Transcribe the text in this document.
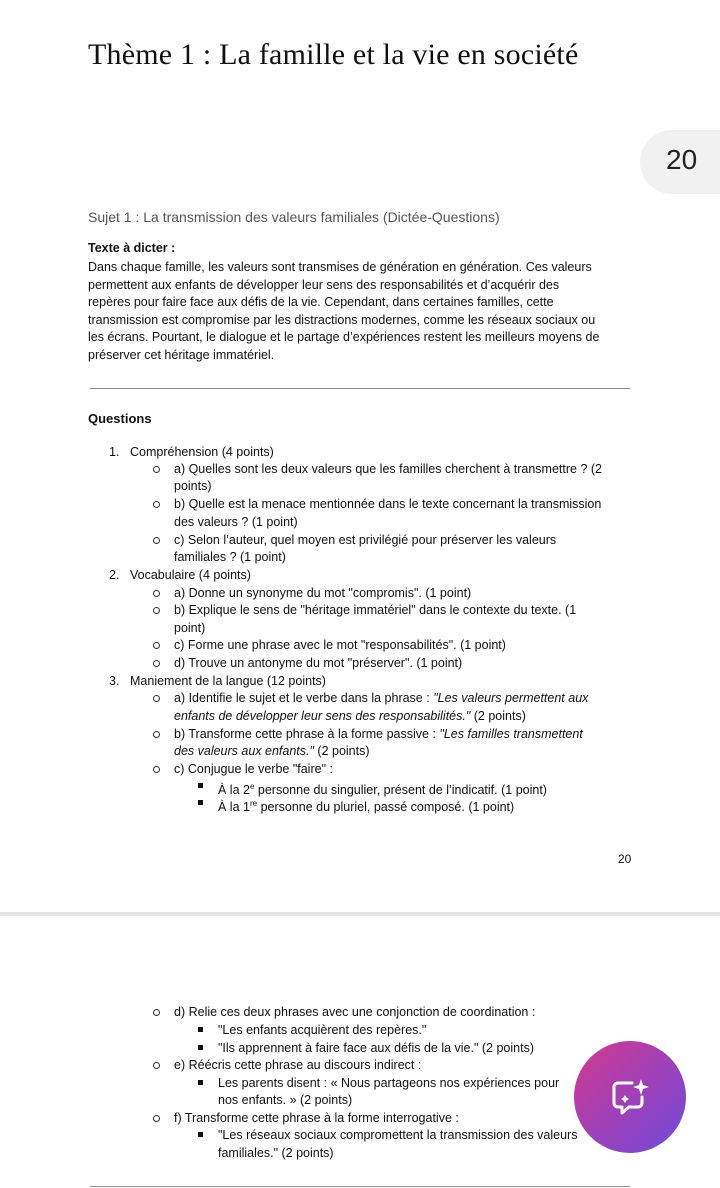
Thème 1 : La famille et la vie en société
20
Sujet 1 : La transmission des valeurs familiales (Dictée-Questions)
Texte à dicter :
Dans chaque famille, les valeurs sont transmises de génération en génération. Ces valeurs
permettent aux enfants de développer leur sens des responsabilités et d’acquérir des
repères pour faire face aux défis de la vie. Cependant, dans certaines familles, cette
transmission est compromise par les distractions modernes, comme les réseaux sociaux ou
les écrans. Pourtant, le dialogue et le partage d’expériences restent les meilleurs moyens de
préserver cet héritage immatériel.
Questions
1. Compréhension (4 points)
a) Quelles sont les deux valeurs que les familles cherchent à transmettre ? (2
points)
b) Quelle est la menace mentionnée dans le texte concernant la transmission
des valeurs ? (1 point)
c) Selon l’auteur, quel moyen est privilégié pour préserver les valeurs
familiales ? (1 point)
2. Vocabulaire (4 points)
a) Donne un synonyme du mot "compromis". (1 point)
b) Explique le sens de "héritage immatériel" dans le contexte du texte. (1
point)
c) Forme une phrase avec le mot "responsabilités". (1 point)
d) Trouve un antonyme du mot "préserver". (1 point)
3. Maniement de la langue (12 points)
a) Identifie le sujet et le verbe dans la phrase : "Les valeurs permettent aux
enfants de développer leur sens des responsabilités." (2 points)
b) Transforme cette phrase à la forme passive : "Les familles transmettent
des valeurs aux enfants." (2 points)
c) Conjugue le verbe "faire" :
À la 2e personne du singulier, présent de l’indicatif. (1 point)
À la 1re personne du pluriel, passé composé. (1 point)
20
d) Relie ces deux phrases avec une conjonction de coordination :
"Les enfants acquièrent des repères."
"Ils apprennent à faire face aux défis de la vie." (2 points)
e) Réécris cette phrase au discours indirect :
Les parents disent : « Nous partageons nos expériences pour
nos enfants. » (2 points)
f) Transforme cette phrase à la forme interrogative :
"Les réseaux sociaux compromettent la transmission des valeurs
familiales." (2 points)
